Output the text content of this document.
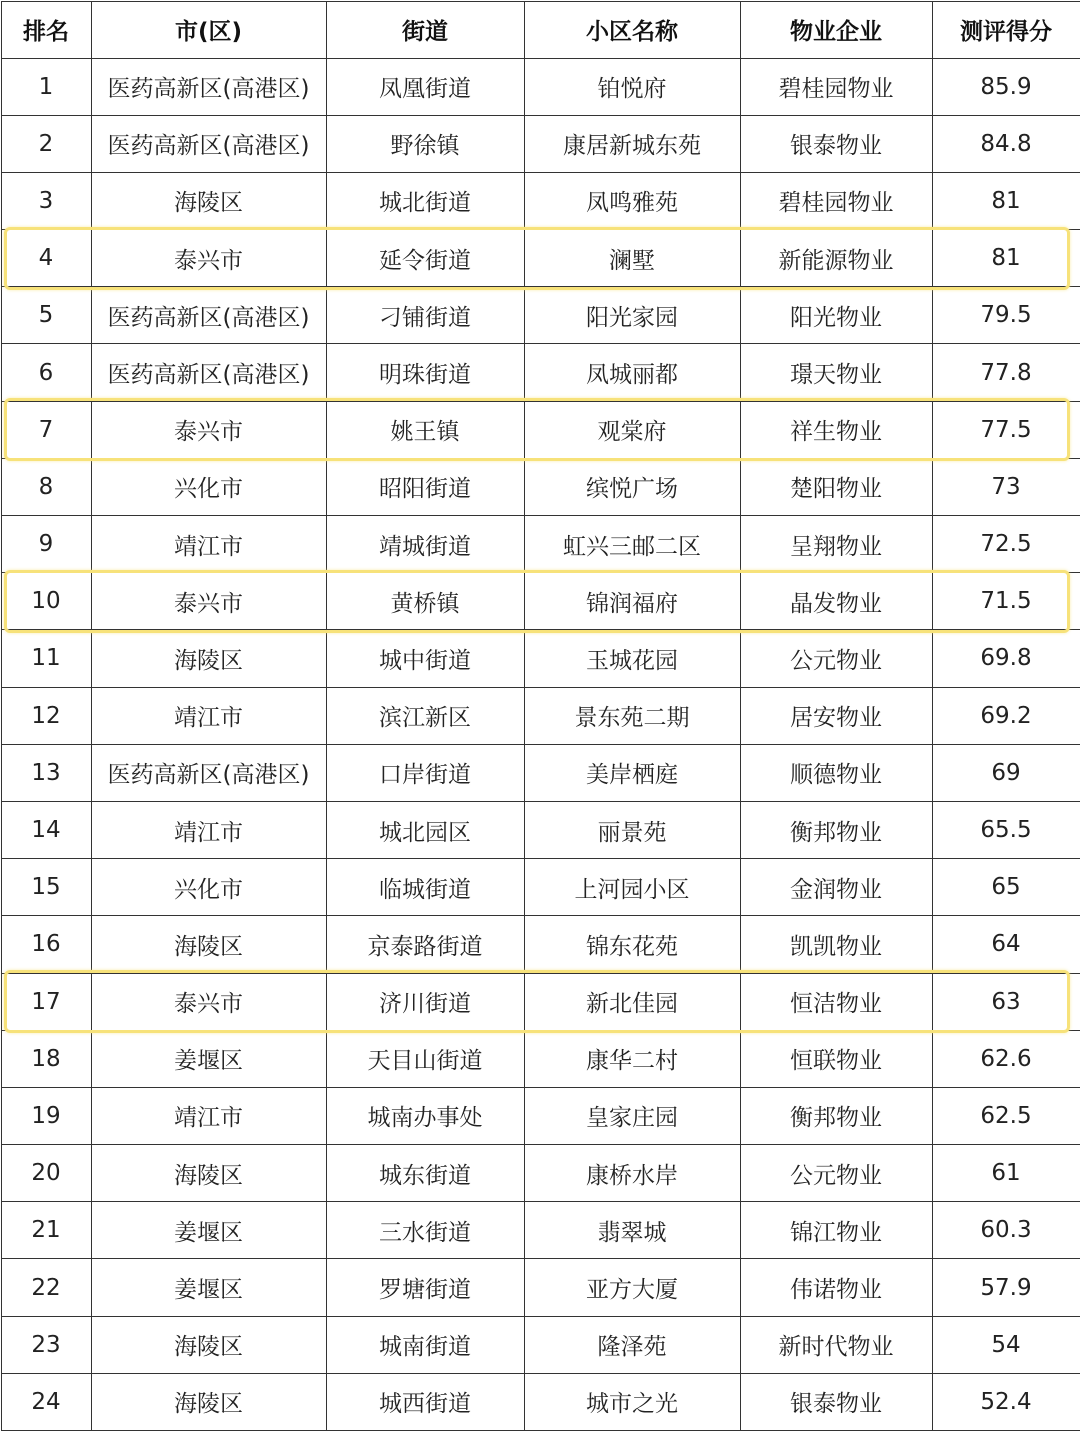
排名	市(区)	街道	小区名称	物业企业	测评得分
1	医药高新区(高港区)	凤凰街道	铂悦府	碧桂园物业	85.9
2	医药高新区(高港区)	野徐镇	康居新城东苑	银泰物业	84.8
3	海陵区	城北街道	凤鸣雅苑	碧桂园物业	81
4	泰兴市	延令街道	澜墅	新能源物业	81
5	医药高新区(高港区)	刁铺街道	阳光家园	阳光物业	79.5
6	医药高新区(高港区)	明珠街道	凤城丽都	璟天物业	77.8
7	泰兴市	姚王镇	观棠府	祥生物业	77.5
8	兴化市	昭阳街道	缤悦广场	楚阳物业	73
9	靖江市	靖城街道	虹兴三邮二区	呈翔物业	72.5
10	泰兴市	黄桥镇	锦润福府	晶发物业	71.5
11	海陵区	城中街道	玉城花园	公元物业	69.8
12	靖江市	滨江新区	景东苑二期	居安物业	69.2
13	医药高新区(高港区)	口岸街道	美岸栖庭	顺德物业	69
14	靖江市	城北园区	丽景苑	衡邦物业	65.5
15	兴化市	临城街道	上河园小区	金润物业	65
16	海陵区	京泰路街道	锦东花苑	凯凯物业	64
17	泰兴市	济川街道	新北佳园	恒洁物业	63
18	姜堰区	天目山街道	康华二村	恒联物业	62.6
19	靖江市	城南办事处	皇家庄园	衡邦物业	62.5
20	海陵区	城东街道	康桥水岸	公元物业	61
21	姜堰区	三水街道	翡翠城	锦江物业	60.3
22	姜堰区	罗塘街道	亚方大厦	伟诺物业	57.9
23	海陵区	城南街道	隆泽苑	新时代物业	54
24	海陵区	城西街道	城市之光	银泰物业	52.4
